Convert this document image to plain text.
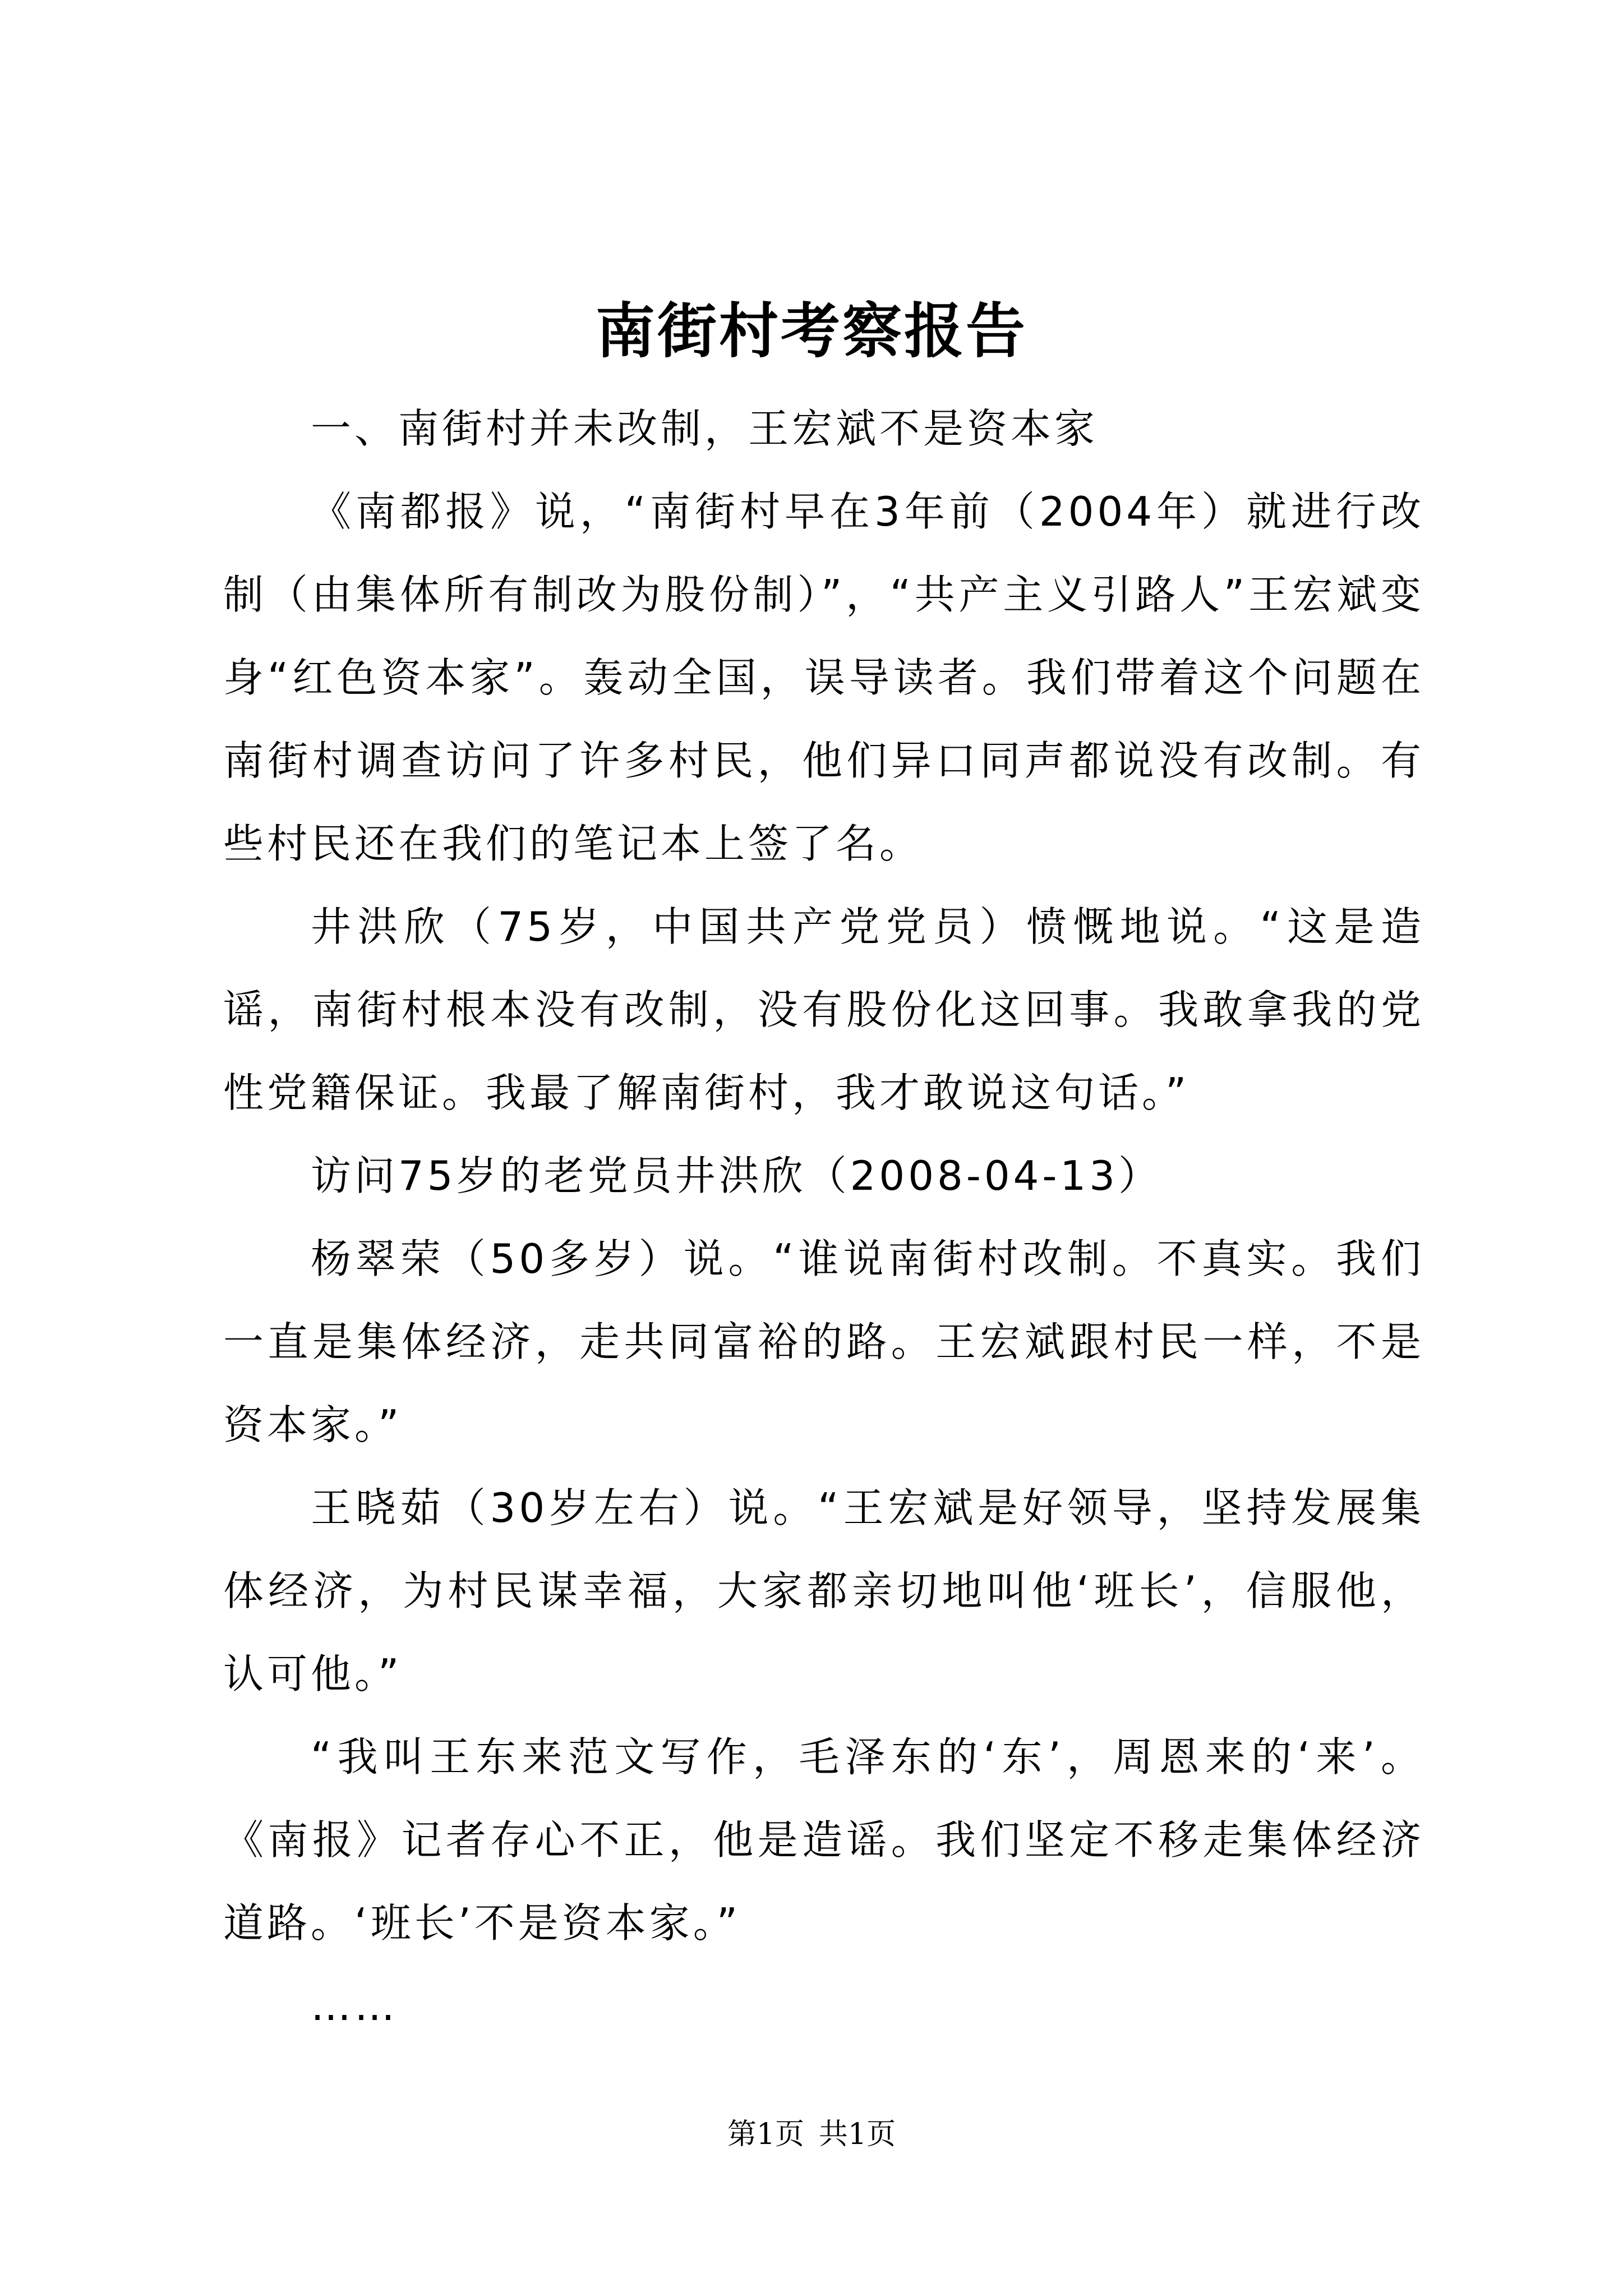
南街村考察报告

一、南街村并未改制，王宏斌不是资本家

《南都报》说，“南街村早在3年前（2004年）就进行改制（由集体所有制改为股份制）”，“共产主义引路人”王宏斌变身“红色资本家”。轰动全国，误导读者。我们带着这个问题在南街村调查访问了许多村民，他们异口同声都说没有改制。有些村民还在我们的笔记本上签了名。

井洪欣（75岁，中国共产党党员）愤慨地说。“这是造谣，南街村根本没有改制，没有股份化这回事。我敢拿我的党性党籍保证。我最了解南街村，我才敢说这句话。”

访问75岁的老党员井洪欣（2008-04-13）

杨翠荣（50多岁）说。“谁说南街村改制。不真实。我们一直是集体经济，走共同富裕的路。王宏斌跟村民一样，不是资本家。”

王晓茹（30岁左右）说。“王宏斌是好领导，坚持发展集体经济，为村民谋幸福，大家都亲切地叫他‘班长’，信服他，认可他。”

“我叫王东来范文写作，毛泽东的‘东’，周恩来的‘来’。《南报》记者存心不正，他是造谣。我们坚定不移走集体经济道路。‘班长’不是资本家。”

……

第1页 共1页
